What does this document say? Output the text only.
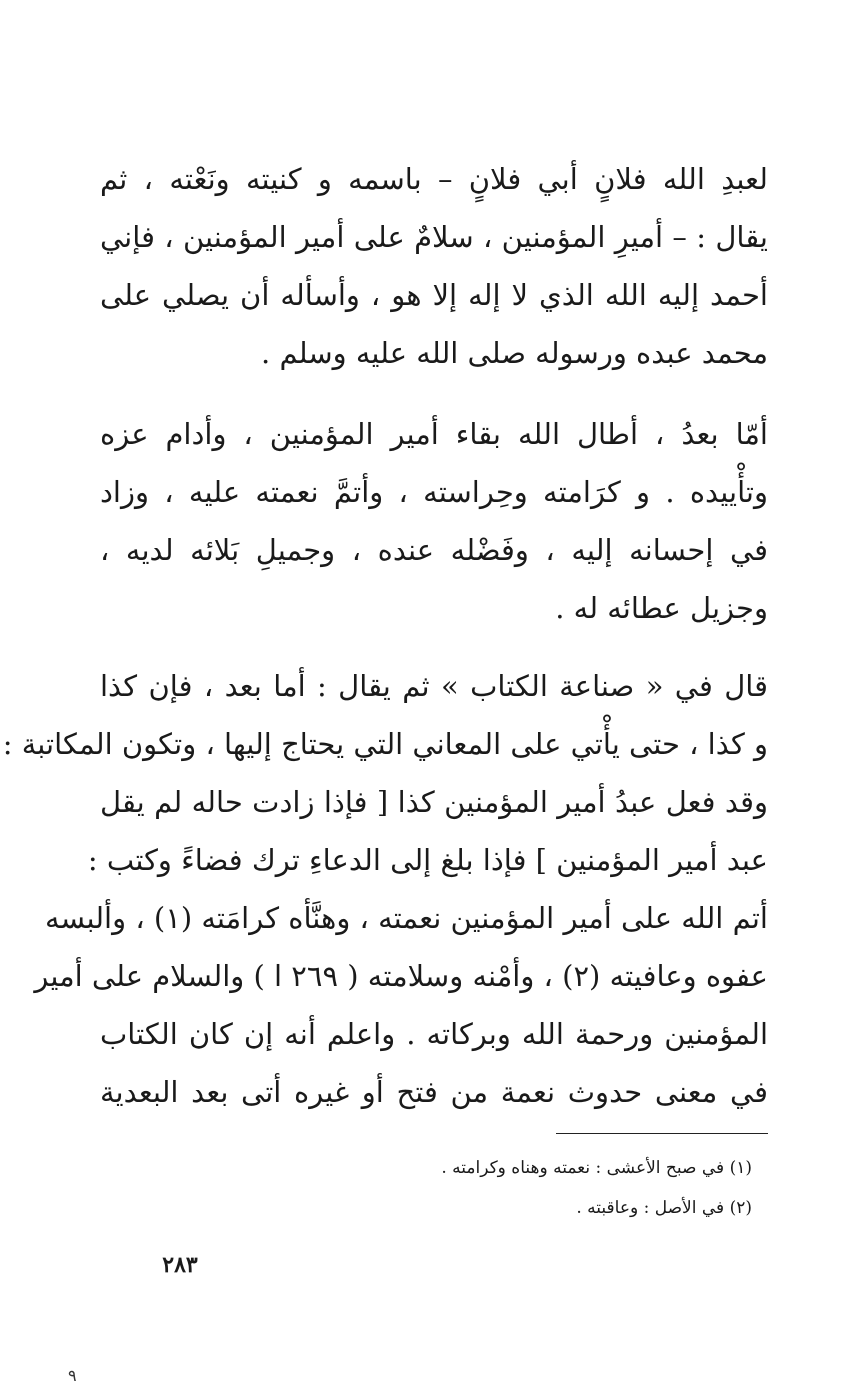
لعبدِ الله فلانٍ أبي فلانٍ – باسمه و كنيته ونَعْته ، ثم
يقال : – أميرِ المؤمنين ، سلامٌ على أمير المؤمنين ، فإني
أحمد إليه الله الذي لا إله إلا هو ، وأسأله أن يصلي على
محمد عبده ورسوله صلى الله عليه وسلم .

أمّا بعدُ ، أطال الله بقاء أمير المؤمنين ، وأدام عزه
وتأْييده . و كرَامته وحِراسته ، وأتمَّ نعمته عليه ، وزاد
في إحسانه إليه ، وفَضْله عنده ، وجميلِ بَلائه لديه ،
وجزيل عطائه له .

قال في « صناعة الكتاب » ثم يقال : أما بعد ، فإن كذا
و كذا ، حتى يأْتي على المعاني التي يحتاج إليها ، وتكون المكاتبة :
وقد فعل عبدُ أمير المؤمنين كذا [ فإذا زادت حاله لم يقل
عبد أمير المؤمنين ] فإذا بلغ إلى الدعاءِ ترك فضاءً وكتب :
أتم الله على أمير المؤمنين نعمته ، وهنَّأه كرامَته (١) ، وألبسه
عفوه وعافيته (٢) ، وأمْنه وسلامته ( ٢٦٩ ا ) والسلام على أمير
المؤمنين ورحمة الله وبركاته . واعلم أنه إن كان الكتاب
في معنى حدوث نعمة من فتح أو غيره أتى بعد البعدية

(١) في صبح الأعشى : نعمته وهناه وكرامته .
(٢) في الأصل : وعاقبته .
٢٨٣
٩
